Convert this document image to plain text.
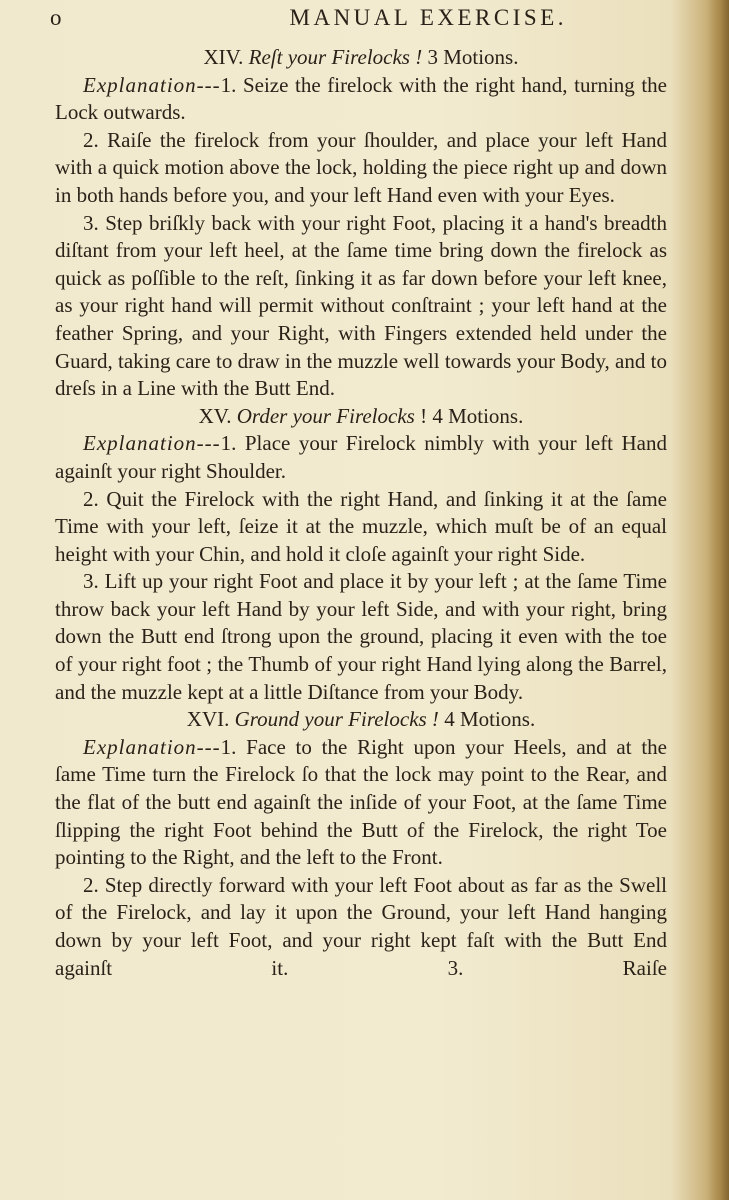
o	MANUAL EXERCISE.
XIV. Reſt your Firelocks ! 3 Motions.

Explanation---1. Seize the firelock with the right hand, turning the Lock outwards.

2. Raiſe the firelock from your ſhoulder, and place your left Hand with a quick motion above the lock, holding the piece right up and down in both hands before you, and your left Hand even with your Eyes.

3. Step briſkly back with your right Foot, placing it a hand's breadth diſtant from your left heel, at the ſame time bring down the firelock as quick as poſſible to the reſt, ſinking it as far down before your left knee, as your right hand will permit without conſtraint ; your left hand at the feather Spring, and your Right, with Fingers extended held under the Guard, taking care to draw in the muzzle well towards your Body, and to dreſs in a Line with the Butt End.

XV. Order your Firelocks ! 4 Motions.

Explanation---1. Place your Firelock nimbly with your left Hand againſt your right Shoulder.

2. Quit the Firelock with the right Hand, and ſinking it at the ſame Time with your left, ſeize it at the muzzle, which muſt be of an equal height with your Chin, and hold it cloſe againſt your right Side.

3. Lift up your right Foot and place it by your left ; at the ſame Time throw back your left Hand by your left Side, and with your right, bring down the Butt end ſtrong upon the ground, placing it even with the toe of your right foot ; the Thumb of your right Hand lying along the Barrel, and the muzzle kept at a little Diſtance from your Body.

XVI. Ground your Firelocks ! 4 Motions.

Explanation---1. Face to the Right upon your Heels, and at the ſame Time turn the Firelock ſo that the lock may point to the Rear, and the flat of the butt end againſt the inſide of your Foot, at the ſame Time ſlipping the right Foot behind the Butt of the Firelock, the right Toe pointing to the Right, and the left to the Front.

2. Step directly forward with your left Foot about as far as the Swell of the Firelock, and lay it upon the Ground, your left Hand hanging down by your left Foot, and your right kept faſt with the Butt End againſt it. 3. Raiſe
